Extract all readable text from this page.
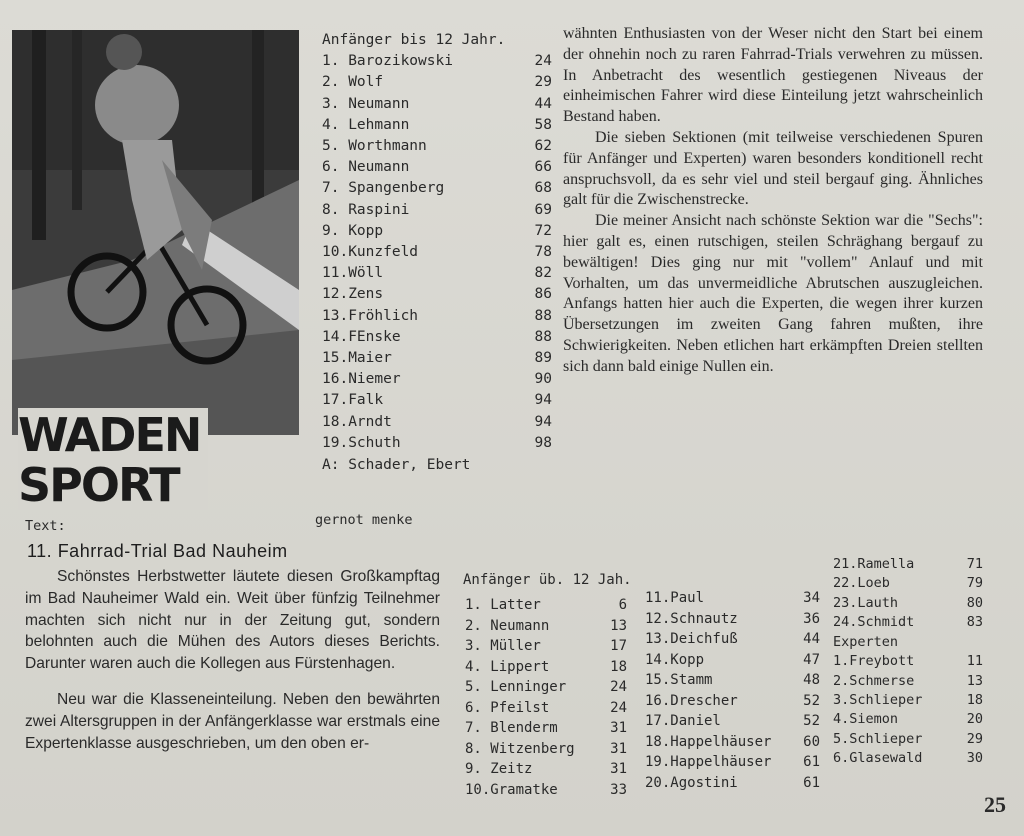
WADEN
SPORT
Anfänger bis 12 Jahr.
1. Barozikowski	24
2. Wolf	29
3. Neumann	44
4. Lehmann	58
5. Worthmann	62
6. Neumann	66
7. Spangenberg	68
8. Raspini	69
9. Kopp	72
10.Kunzfeld	78
11.Wöll	82
12.Zens	86
13.Fröhlich	88
14.FEnske	88
15.Maier	89
16.Niemer	90
17.Falk	94
18.Arndt	94
19.Schuth	98
A: Schader, Ebert

wähnten Enthusiasten von der Weser nicht den Start bei einem der ohnehin noch zu raren Fahrrad-Trials verwehren zu müssen. In Anbetracht des wesentlich gestiegenen Niveaus der einheimischen Fahrer wird diese Einteilung jetzt wahrscheinlich Bestand haben.

Die sieben Sektionen (mit teilweise verschiedenen Spuren für Anfänger und Experten) waren besonders konditionell recht anspruchsvoll, da es sehr viel und steil bergauf ging. Ähnliches galt für die Zwischenstrecke.

Die meiner Ansicht nach schönste Sektion war die "Sechs": hier galt es, einen rutschigen, steilen Schräghang bergauf zu bewältigen! Dies ging nur mit "vollem" Anlauf und mit Vorhalten, um das unvermeidliche Abrutschen auszugleichen. Anfangs hatten hier auch die Experten, die wegen ihrer kurzen Übersetzungen im zweiten Gang fahren mußten, ihre Schwierigkeiten. Neben etlichen hart erkämpften Dreien stellten sich dann bald einige Nullen ein.

Text:	gernot menke
11. Fahrrad-Trial Bad Nauheim

Schönstes Herbstwetter läutete diesen Großkampftag im Bad Nauheimer Wald ein. Weit über fünfzig Teilnehmer machten sich nicht nur in der Zeitung gut, sondern belohnten auch die Mühen des Autors dieses Berichts. Darunter waren auch die Kollegen aus Fürstenhagen.

Neu war die Klasseneinteilung. Neben den bewährten zwei Altersgruppen in der Anfängerklasse war erstmals eine Expertenklasse ausgeschrieben, um den oben er-

Anfänger üb. 12 Jah.
1. Latter	6
2. Neumann	13
3. Müller	17
4. Lippert	18
5. Lenninger	24
6. Pfeilst	24
7. Blenderm	31
8. Witzenberg	31
9. Zeitz	31
10.Gramatke	33
11.Paul	34
12.Schnautz	36
13.Deichfuß	44
14.Kopp	47
15.Stamm	48
16.Drescher	52
17.Daniel	52
18.Happelhäuser 60
19.Happelhäuser 61
20.Agostini	61
21.Ramella	71
22.Loeb	79
23.Lauth	80
24.Schmidt	83
Experten
1.Freybott	11
2.Schmerse	13
3.Schlieper	18
4.Siemon	20
5.Schlieper	29
6.Glasewald	30
25
